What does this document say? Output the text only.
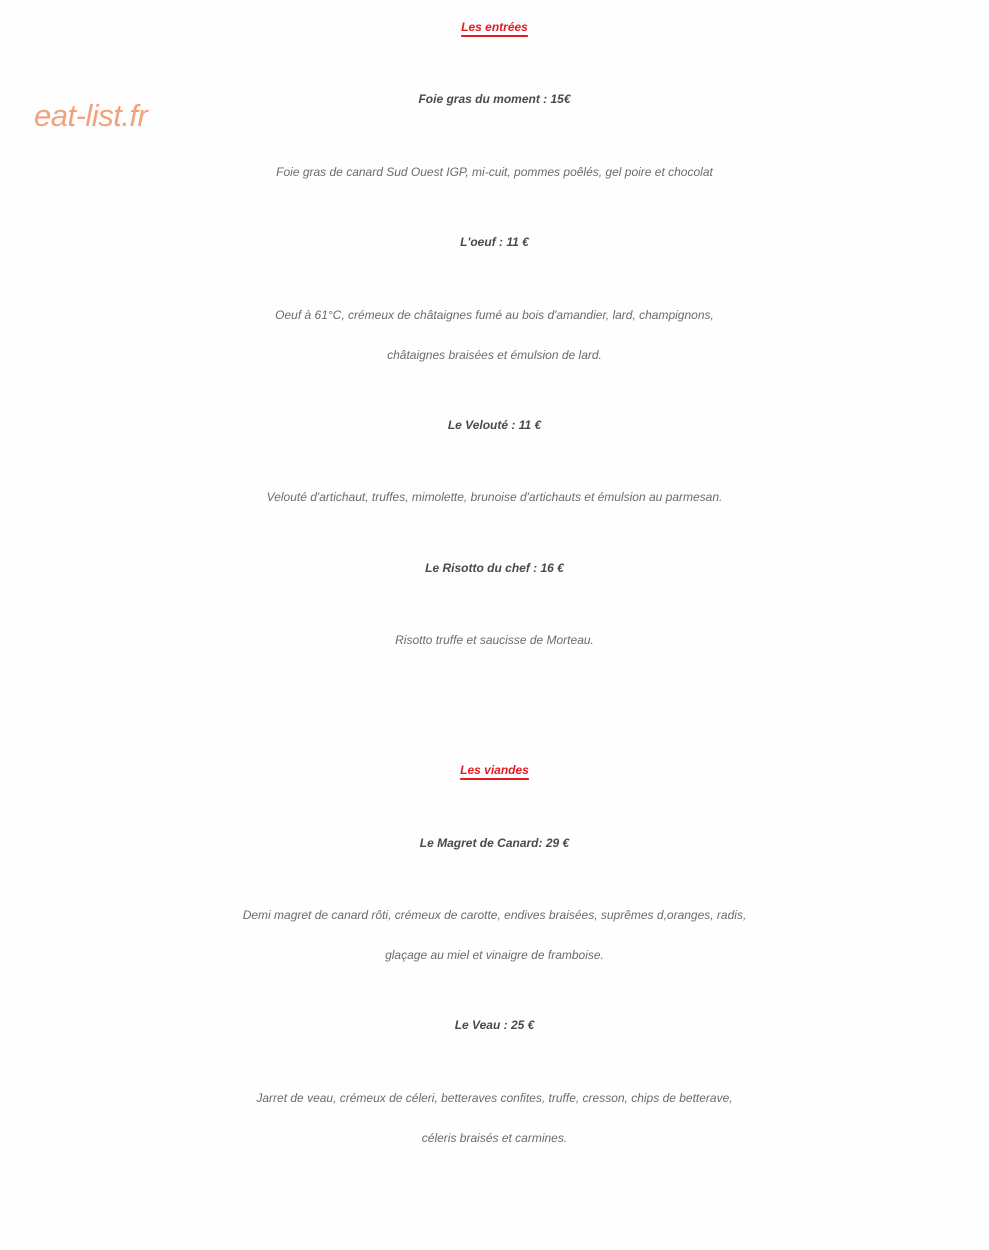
eat-list.fr
Les entrées
Foie gras du moment : 15€
Foie gras de canard Sud Ouest IGP, mi-cuit, pommes poêlés, gel poire et chocolat
L'oeuf : 11 €
Oeuf à 61°C, crémeux de châtaignes fumé au bois d'amandier, lard, champignons,
châtaignes braisées et émulsion de lard.
Le Velouté : 11 €
Velouté d'artichaut, truffes, mimolette, brunoise d'artichauts et émulsion au parmesan.
Le Risotto du chef : 16 €
Risotto truffe et saucisse de Morteau.
Les viandes
Le Magret de Canard: 29 €
Demi magret de canard rôti, crémeux de carotte, endives braisées, suprêmes d,oranges, radis,
glaçage au miel et vinaigre de framboise.
Le Veau : 25 €
Jarret de veau, crémeux de céleri, betteraves confites, truffe, cresson, chips de betterave,
céleris braisés et carmines.
